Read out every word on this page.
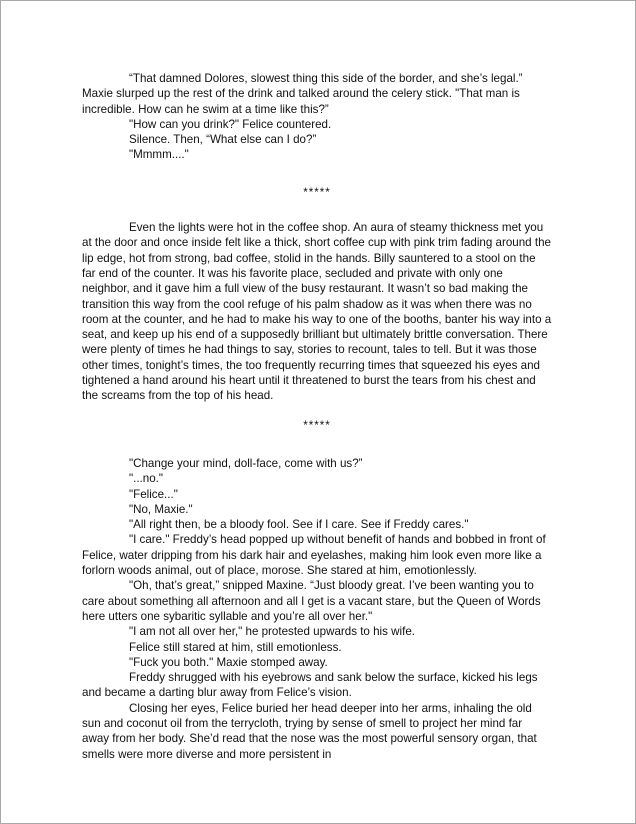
“That damned Dolores, slowest thing this side of the border, and she’s legal.” Maxie slurped up the rest of the drink and talked around the celery stick. "That man is incredible. How can he swim at a time like this?”

"How can you drink?" Felice countered.

Silence. Then, “What else can I do?”

"Mmmm...."

*****

Even the lights were hot in the coffee shop. An aura of steamy thickness met you at the door and once inside felt like a thick, short coffee cup with pink trim fading around the lip edge, hot from strong, bad coffee, stolid in the hands. Billy sauntered to a stool on the far end of the counter. It was his favorite place, secluded and private with only one neighbor, and it gave him a full view of the busy restaurant. It wasn’t so bad making the transition this way from the cool refuge of his palm shadow as it was when there was no room at the counter, and he had to make his way to one of the booths, banter his way into a seat, and keep up his end of a supposedly brilliant but ultimately brittle conversation. There were plenty of times he had things to say, stories to recount, tales to tell. But it was those other times, tonight’s times, the too frequently recurring times that squeezed his eyes and tightened a hand around his heart until it threatened to burst the tears from his chest and the screams from the top of his head.

*****

"Change your mind, doll-face, come with us?”

"...no."

"Felice..."

"No, Maxie."

"All right then, be a bloody fool. See if I care. See if Freddy cares."

"I care." Freddy’s head popped up without benefit of hands and bobbed in front of Felice, water dripping from his dark hair and eyelashes, making him look even more like a forlorn woods animal, out of place, morose. She stared at him, emotionlessly.

"Oh, that’s great,” snipped Maxine. “Just bloody great. I’ve been wanting you to care about something all afternoon and all I get is a vacant stare, but the Queen of Words here utters one sybaritic syllable and you’re all over her."

"I am not all over her," he protested upwards to his wife.

Felice still stared at him, still emotionless.

"Fuck you both." Maxie stomped away.

Freddy shrugged with his eyebrows and sank below the surface, kicked his legs and became a darting blur away from Felice’s vision.

Closing her eyes, Felice buried her head deeper into her arms, inhaling the old sun and coconut oil from the terrycloth, trying by sense of smell to project her mind far away from her body. She’d read that the nose was the most powerful sensory organ, that smells were more diverse and more persistent in
